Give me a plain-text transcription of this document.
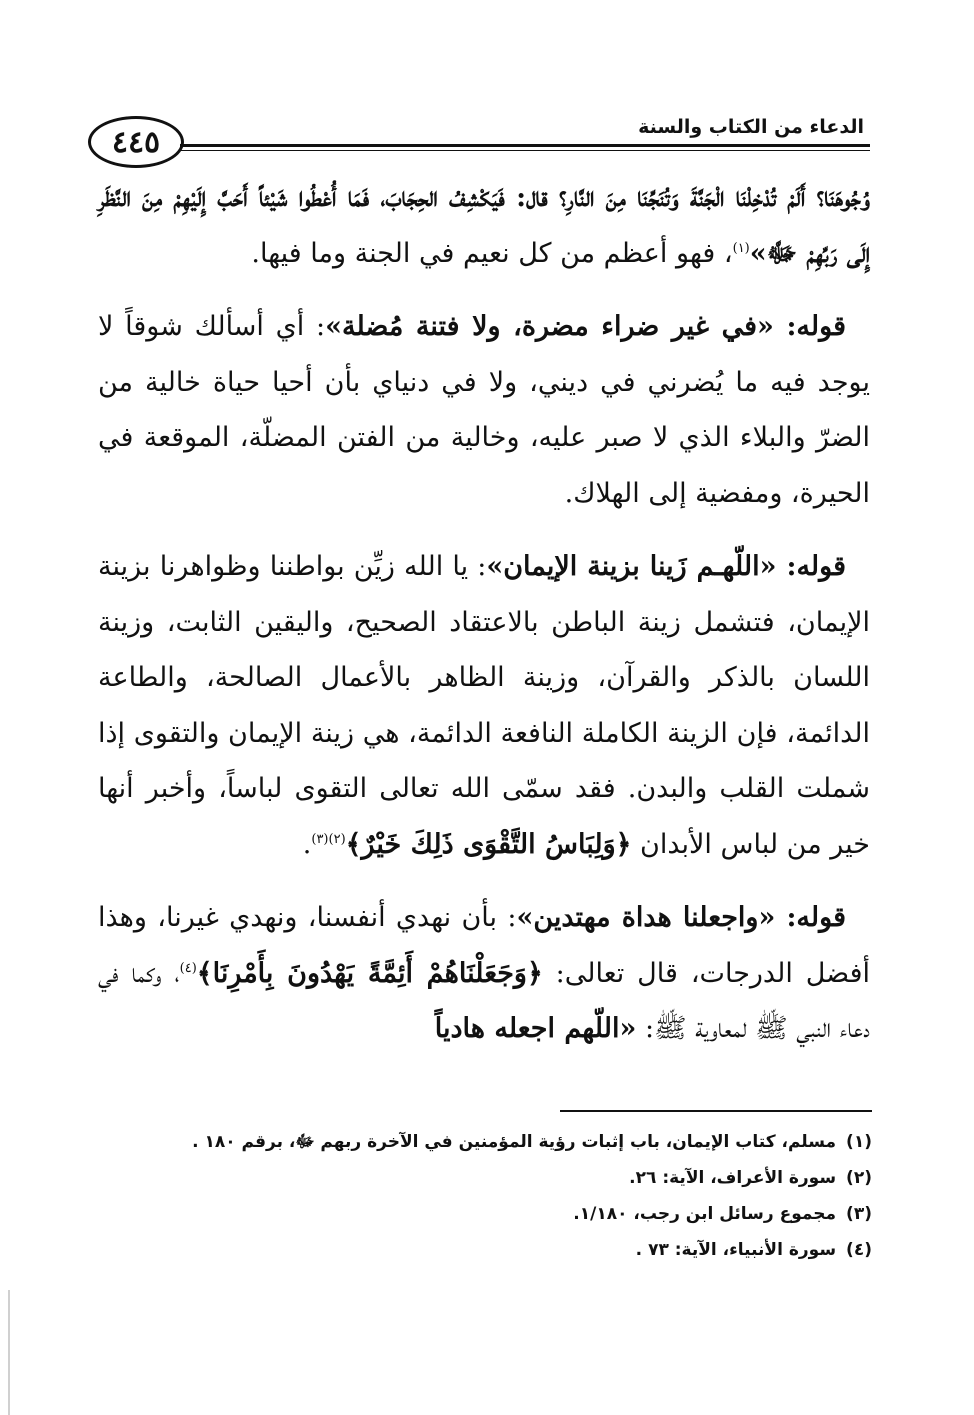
٤٤٥	الدعاء من الكتاب والسنة

وُجُوهَنَا؟ أَلَمْ تُدْخِلْنَا الْجَنَّةَ وَتُنَجِّنَا مِنَ النَّارِ؟ قال: فَيَكْشِفُ الحِجَابَ، فَمَا أُعْطُوا شَيْئاً أَحَبَّ إِلَيْهِمْ مِنَ النَّظَرِ إِلَى رَبِّهِمْ ﷻ»$^{(١)}$، فهو أعظم من كل نعيم في الجنة وما فيها.

قوله: «في غير ضراء مضرة، ولا فتنة مُضلة»: أي أسألك شوقاً لا يوجد فيه ما يُضرني في ديني، ولا في دنياي بأن أحيا حياة خالية من الضرّ والبلاء الذي لا صبر عليه، وخالية من الفتن المضلّة، الموقعة في الحيرة، ومفضية إلى الهلاك.

قوله: «اللّهـم زَينا بزينة الإيمان»: يا الله زيِّن بواطننا وظواهرنا بزينة الإيمان، فتشمل زينة الباطن بالاعتقاد الصحيح، واليقين الثابت، وزينة اللسان بالذكر والقرآن، وزينة الظاهر بالأعمال الصالحة، والطاعة الدائمة، فإن الزينة الكاملة النافعة الدائمة، هي زينة الإيمان والتقوى إذا شملت القلب والبدن. فقد سمّى الله تعالى التقوى لباساً، وأخبر أنها خير من لباس الأبدان ﴿وَلِبَاسُ التَّقْوَى ذَلِكَ خَيْرٌ﴾$^{(٢)(٣)}$.

قوله: «واجعلنا هداة مهتدين»: بأن نهدي أنفسنا، ونهدي غيرنا، وهذا أفضل الدرجات، قال تعالى: ﴿وَجَعَلْنَاهُمْ أَئِمَّةً يَهْدُونَ بِأَمْرِنَا﴾$^{(٤)}$، وكما في دعاء النبي ﷺ لمعاوية ﷺ: «اللّهم اجعله هادياً

(١)مسلم، كتاب الإيمان، باب إثبات رؤية المؤمنين في الآخرة ربهم ﷻ، برقم ١٨٠ .
(٢)سورة الأعراف، الآية: ٢٦.
(٣)مجموع رسائل ابن رجب، ١/١٨٠.
(٤)سورة الأنبياء، الآية: ٧٣ .
